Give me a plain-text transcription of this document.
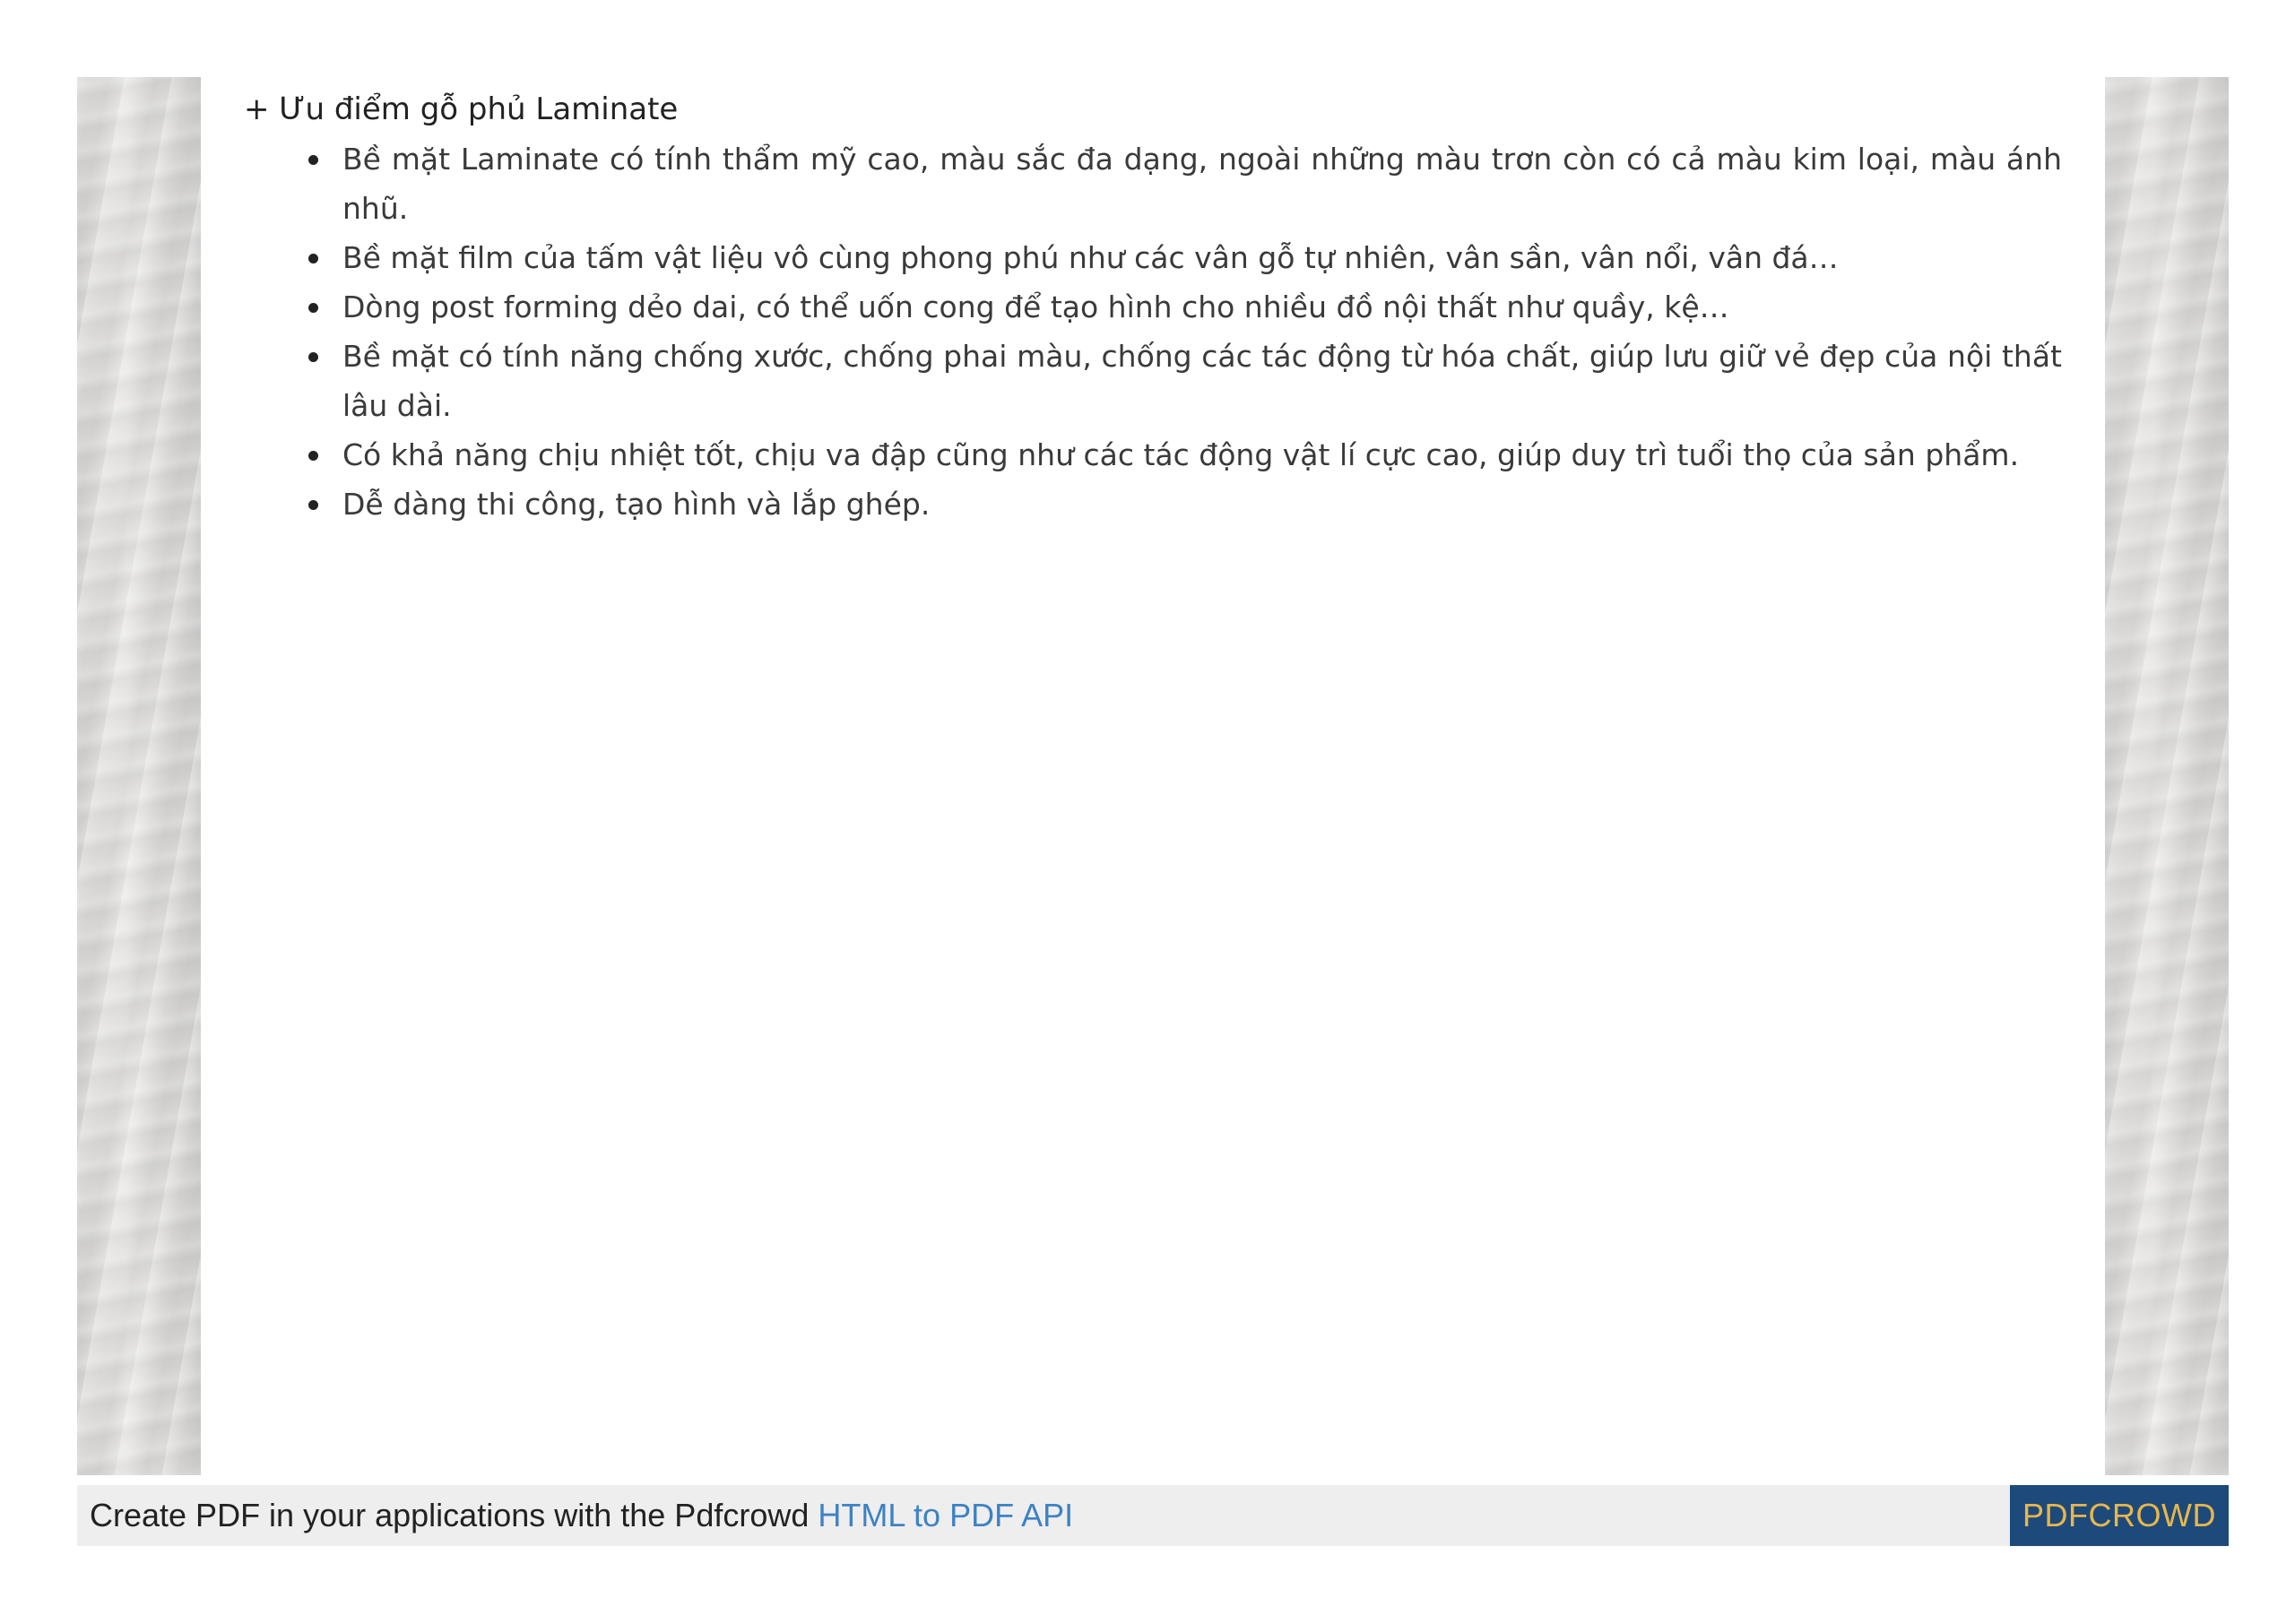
+ Ưu điểm gỗ phủ Laminate

Bề mặt Laminate có tính thẩm mỹ cao, màu sắc đa dạng, ngoài những màu trơn còn có cả màu kim loại, màu ánh nhũ.
Bề mặt film của tấm vật liệu vô cùng phong phú như các vân gỗ tự nhiên, vân sần, vân nổi, vân đá…
Dòng post forming dẻo dai, có thể uốn cong để tạo hình cho nhiều đồ nội thất như quầy, kệ…
Bề mặt có tính năng chống xước, chống phai màu, chống các tác động từ hóa chất, giúp lưu giữ vẻ đẹp của nội thất lâu dài.
Có khả năng chịu nhiệt tốt, chịu va đập cũng như các tác động vật lí cực cao, giúp duy trì tuổi thọ của sản phẩm.
Dễ dàng thi công, tạo hình và lắp ghép.
Create PDF in your applications with the Pdfcrowd HTML to PDF API	PDFCROWD
